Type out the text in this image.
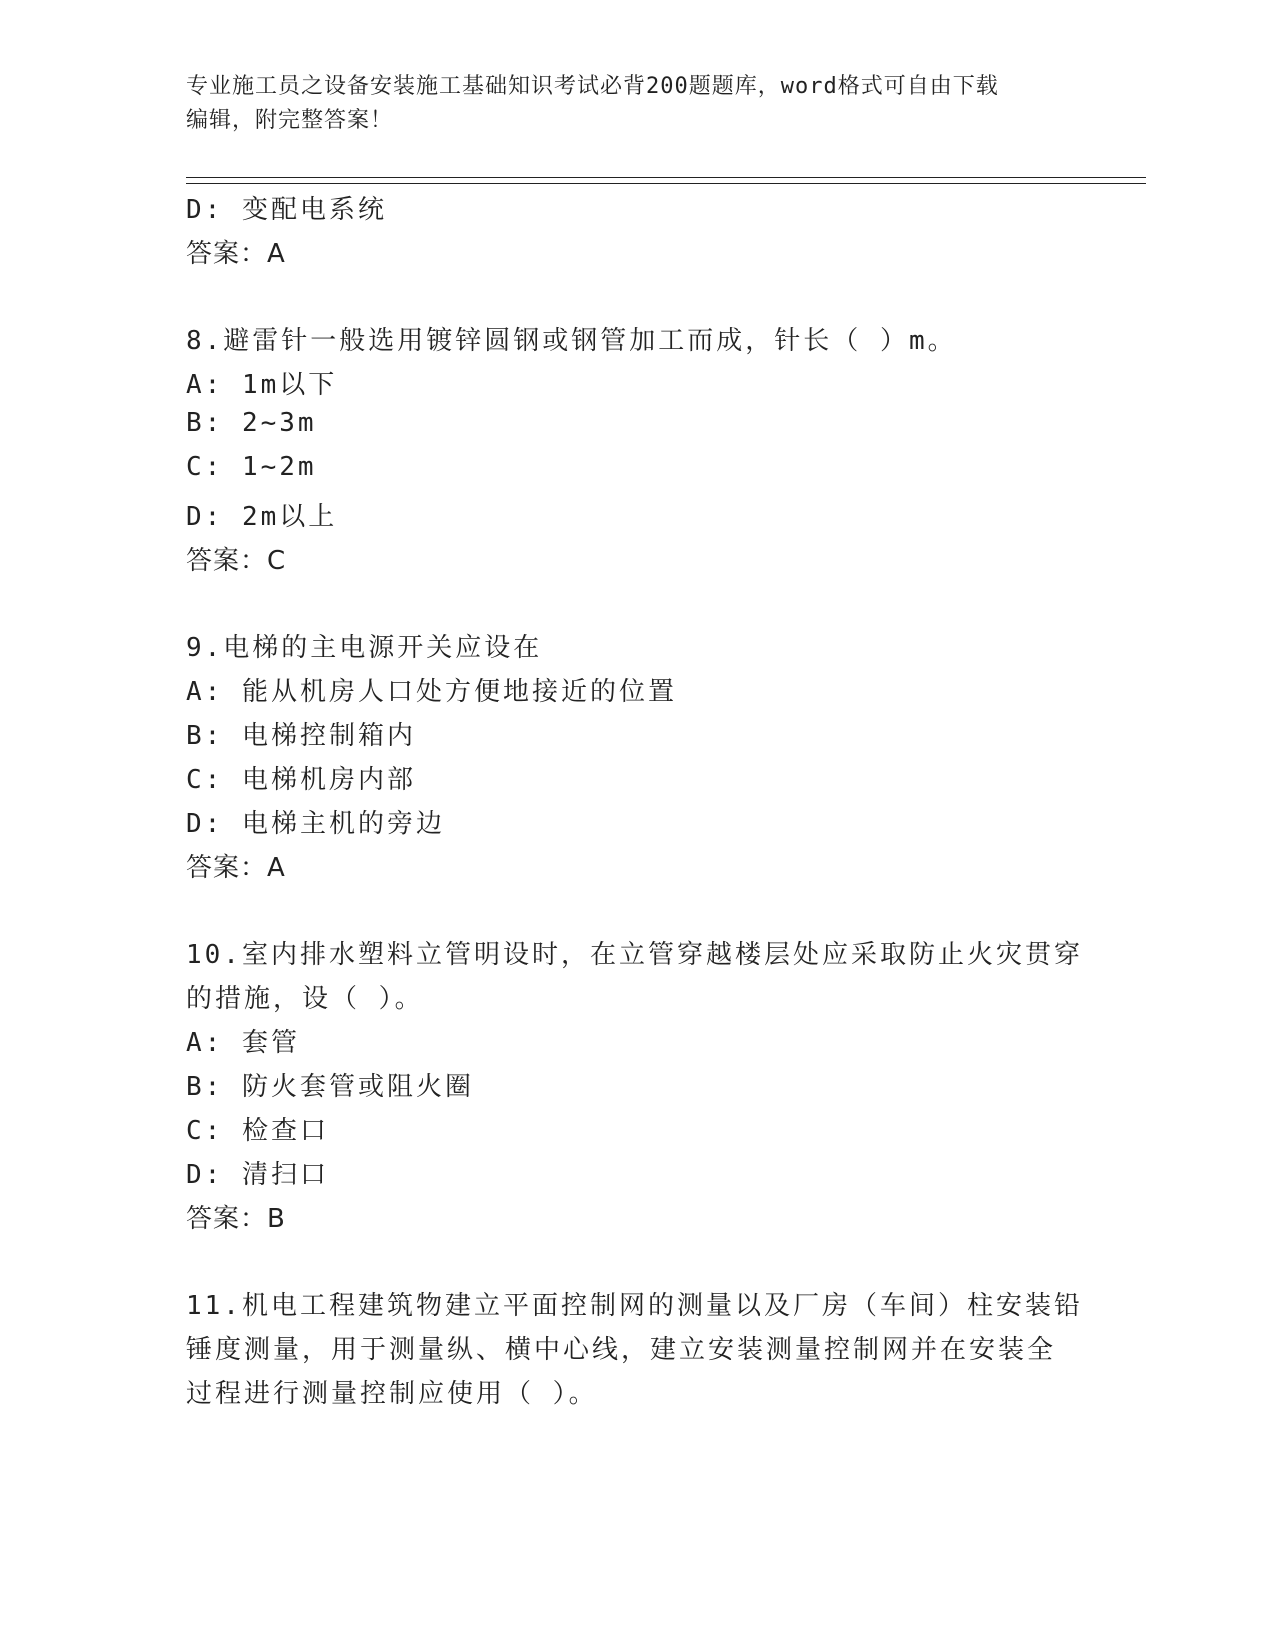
专业施工员之设备安装施工基础知识考试必背200题题库，word格式可自由下载
编辑，附完整答案！
D: 变配电系统
答案：A
8.避雷针一般选用镀锌圆钢或钢管加工而成，针长（ ）m。
A: 1m以下
B: 2~3m
C: 1~2m
D: 2m以上
答案：C
9.电梯的主电源开关应设在
A: 能从机房人口处方便地接近的位置
B: 电梯控制箱内
C: 电梯机房内部
D: 电梯主机的旁边
答案：A
10.室内排水塑料立管明设时，在立管穿越楼层处应采取防止火灾贯穿
的措施，设（ ）。
A: 套管
B: 防火套管或阻火圈
C: 检查口
D: 清扫口
答案：B
11.机电工程建筑物建立平面控制网的测量以及厂房（车间）柱安装铅
锤度测量，用于测量纵、横中心线，建立安装测量控制网并在安装全
过程进行测量控制应使用（ ）。
